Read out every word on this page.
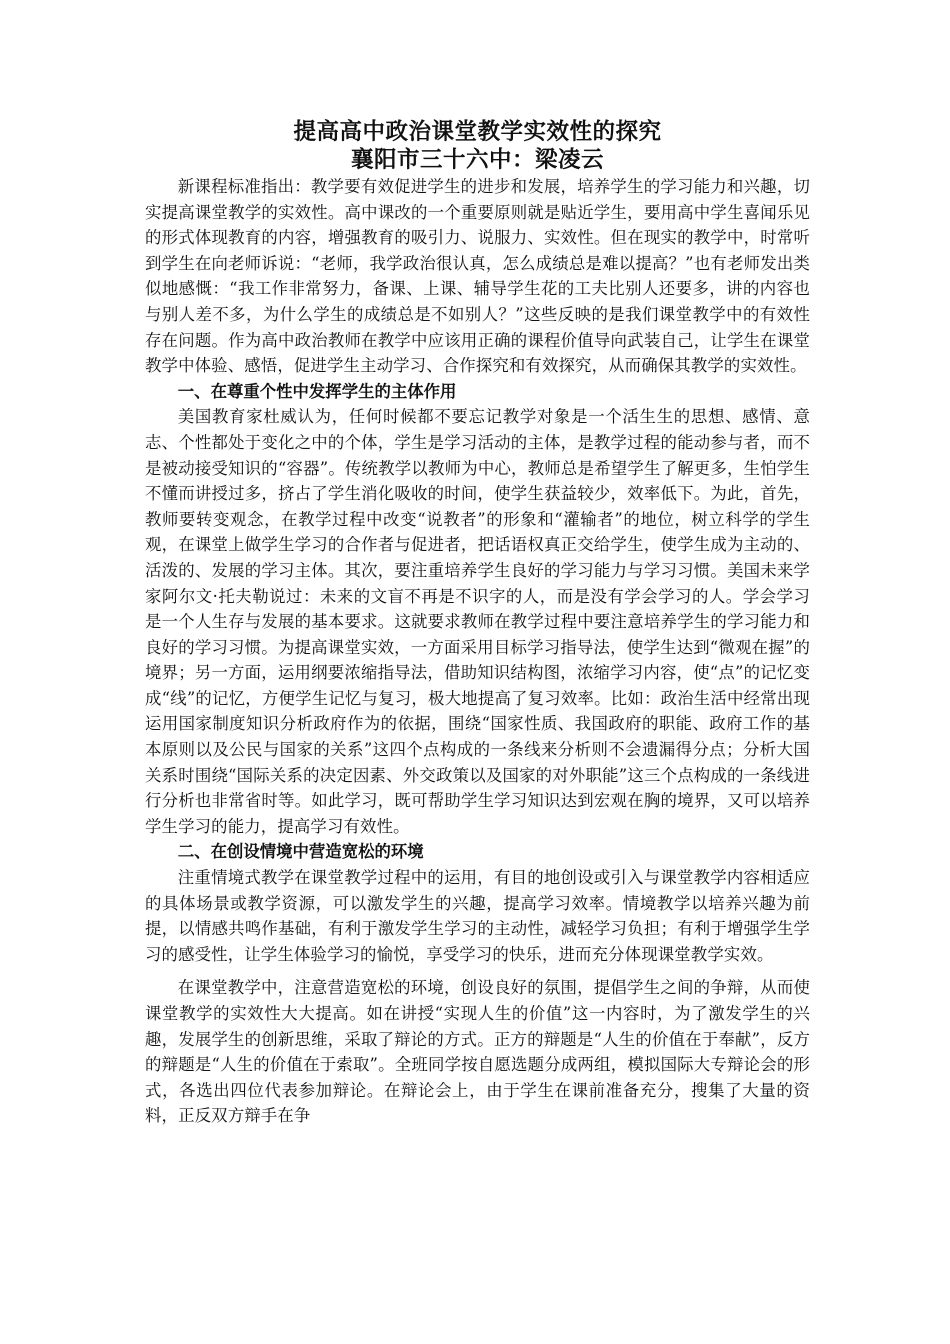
提高高中政治课堂教学实效性的探究
襄阳市三十六中：梁凌云

新课程标准指出：教学要有效促进学生的进步和发展，培养学生的学习能力和兴趣，切实提高课堂教学的实效性。高中课改的一个重要原则就是贴近学生，要用高中学生喜闻乐见的形式体现教育的内容，增强教育的吸引力、说服力、实效性。但在现实的教学中，时常听到学生在向老师诉说：“老师，我学政治很认真，怎么成绩总是难以提高？”也有老师发出类似地感慨：“我工作非常努力，备课、上课、辅导学生花的工夫比别人还要多，讲的内容也与别人差不多，为什么学生的成绩总是不如别人？”这些反映的是我们课堂教学中的有效性存在问题。作为高中政治教师在教学中应该用正确的课程价值导向武装自己，让学生在课堂教学中体验、感悟，促进学生主动学习、合作探究和有效探究，从而确保其教学的实效性。

一、在尊重个性中发挥学生的主体作用

美国教育家杜威认为，任何时候都不要忘记教学对象是一个活生生的思想、感情、意志、个性都处于变化之中的个体，学生是学习活动的主体，是教学过程的能动参与者，而不是被动接受知识的“容器”。传统教学以教师为中心，教师总是希望学生了解更多，生怕学生不懂而讲授过多，挤占了学生消化吸收的时间，使学生获益较少，效率低下。为此，首先，教师要转变观念，在教学过程中改变“说教者”的形象和“灌输者”的地位，树立科学的学生观，在课堂上做学生学习的合作者与促进者，把话语权真正交给学生，使学生成为主动的、活泼的、发展的学习主体。其次，要注重培养学生良好的学习能力与学习习惯。美国未来学家阿尔文·托夫勒说过：未来的文盲不再是不识字的人，而是没有学会学习的人。学会学习是一个人生存与发展的基本要求。这就要求教师在教学过程中要注意培养学生的学习能力和良好的学习习惯。为提高课堂实效，一方面采用目标学习指导法，使学生达到“微观在握”的境界；另一方面，运用纲要浓缩指导法，借助知识结构图，浓缩学习内容，使“点”的记忆变成“线”的记忆，方便学生记忆与复习，极大地提高了复习效率。比如：政治生活中经常出现运用国家制度知识分析政府作为的依据，围绕“国家性质、我国政府的职能、政府工作的基本原则以及公民与国家的关系”这四个点构成的一条线来分析则不会遗漏得分点；分析大国关系时围绕“国际关系的决定因素、外交政策以及国家的对外职能”这三个点构成的一条线进行分析也非常省时等。如此学习，既可帮助学生学习知识达到宏观在胸的境界，又可以培养学生学习的能力，提高学习有效性。

二、在创设情境中营造宽松的环境

注重情境式教学在课堂教学过程中的运用，有目的地创设或引入与课堂教学内容相适应的具体场景或教学资源，可以激发学生的兴趣，提高学习效率。情境教学以培养兴趣为前提，以情感共鸣作基础，有利于激发学生学习的主动性，减轻学习负担；有利于增强学生学习的感受性，让学生体验学习的愉悦，享受学习的快乐，进而充分体现课堂教学实效。

在课堂教学中，注意营造宽松的环境，创设良好的氛围，提倡学生之间的争辩，从而使课堂教学的实效性大大提高。如在讲授“实现人生的价值”这一内容时，为了激发学生的兴趣，发展学生的创新思维，采取了辩论的方式。正方的辩题是“人生的价值在于奉献”，反方的辩题是“人生的价值在于索取”。全班同学按自愿选题分成两组，模拟国际大专辩论会的形式，各选出四位代表参加辩论。在辩论会上，由于学生在课前准备充分，搜集了大量的资料，正反双方辩手在争
